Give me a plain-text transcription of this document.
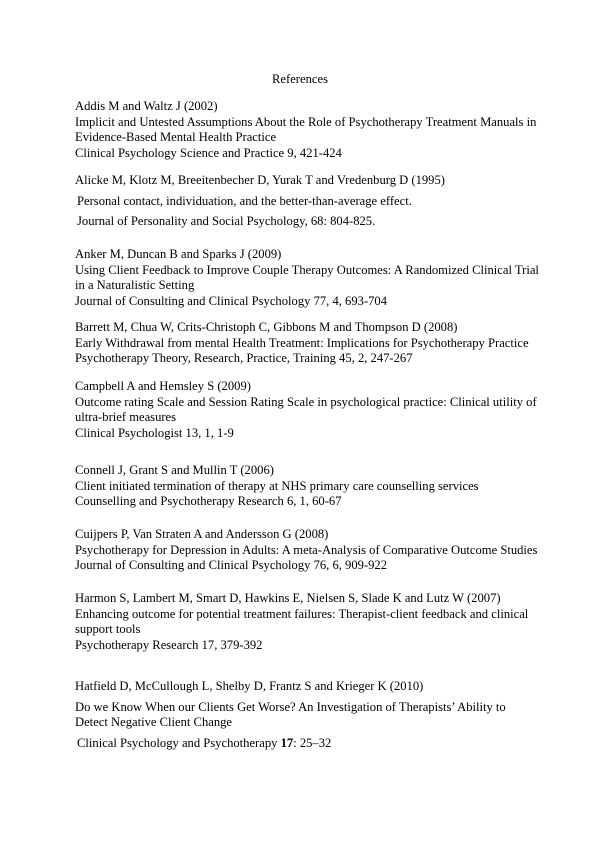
References
Addis M and Waltz J (2002)
Implicit and Untested Assumptions About the Role of Psychotherapy Treatment Manuals in
Evidence-Based Mental Health Practice
Clinical Psychology Science and Practice 9, 421-424
Alicke M, Klotz M, Breeitenbecher D, Yurak T and Vredenburg D (1995)
Personal contact, individuation, and the better-than-average effect.
Journal of Personality and Social Psychology, 68: 804-825.
Anker M, Duncan B and Sparks J (2009)
Using Client Feedback to Improve Couple Therapy Outcomes: A Randomized Clinical Trial
in a Naturalistic Setting
Journal of Consulting and Clinical Psychology 77, 4, 693-704
Barrett M, Chua W, Crits-Christoph C, Gibbons M and Thompson D (2008)
Early Withdrawal from mental Health Treatment: Implications for Psychotherapy Practice
Psychotherapy Theory, Research, Practice, Training 45, 2, 247-267
Campbell A and Hemsley S (2009)
Outcome rating Scale and Session Rating Scale in psychological practice: Clinical utility of
ultra-brief measures
Clinical Psychologist 13, 1, 1-9
Connell J, Grant S and Mullin T (2006)
Client initiated termination of therapy at NHS primary care counselling services
Counselling and Psychotherapy Research 6, 1, 60-67
Cuijpers P, Van Straten A and Andersson G (2008)
Psychotherapy for Depression in Adults: A meta-Analysis of Comparative Outcome Studies
Journal of Consulting and Clinical Psychology 76, 6, 909-922
Harmon S, Lambert M, Smart D, Hawkins E, Nielsen S, Slade K and Lutz W (2007)
Enhancing outcome for potential treatment failures: Therapist-client feedback and clinical
support tools
Psychotherapy Research 17, 379-392
Hatfield D, McCullough L, Shelby D, Frantz S and Krieger K (2010)
Do we Know When our Clients Get Worse? An Investigation of Therapists’ Ability to
Detect Negative Client Change
Clinical Psychology and Psychotherapy 17: 25–32
